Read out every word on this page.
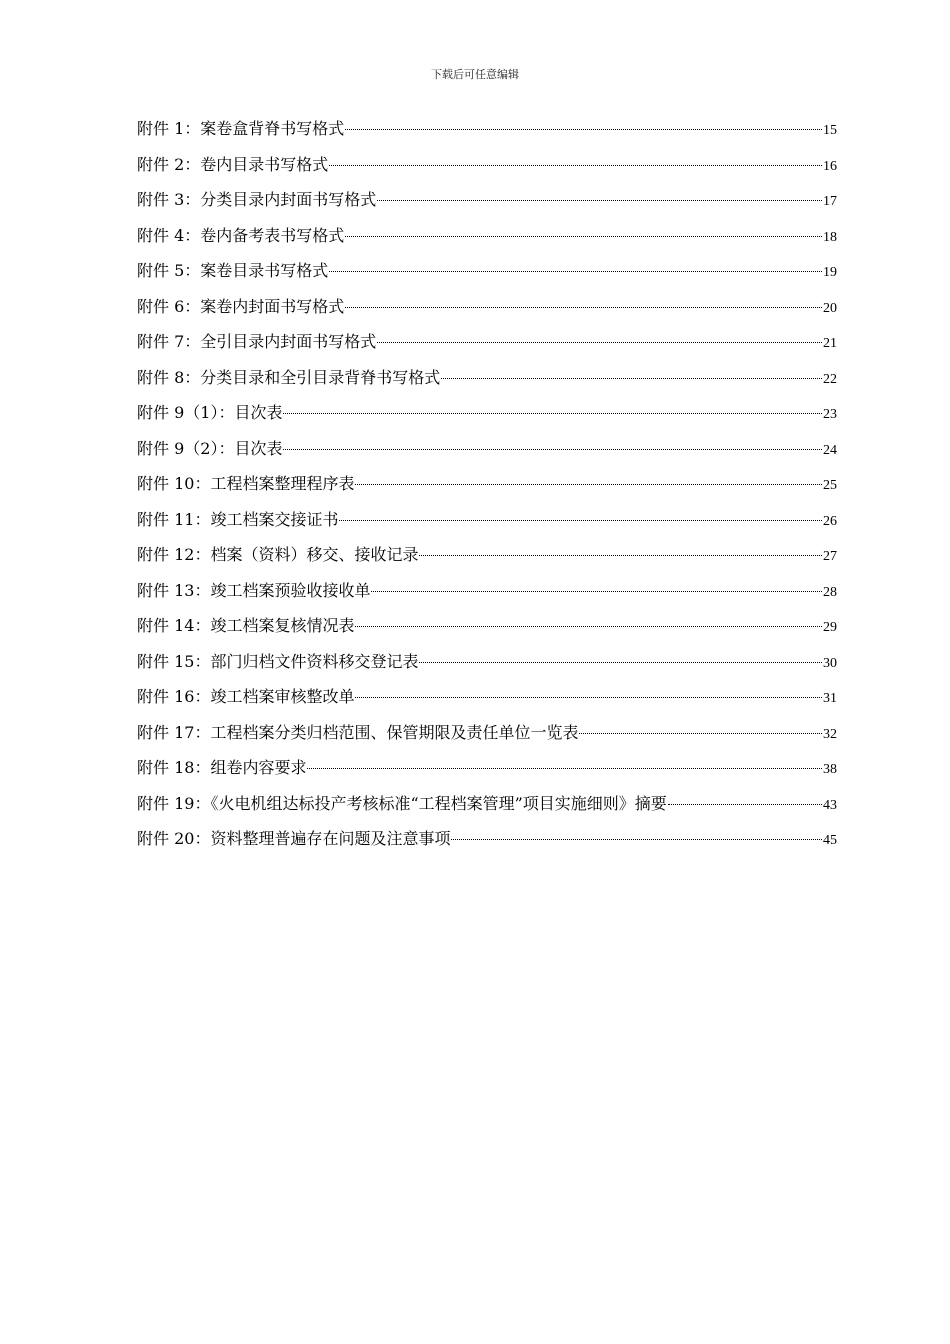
下载后可任意编辑
附件 1：案卷盒背脊书写格式	15
附件 2：卷内目录书写格式	16
附件 3：分类目录内封面书写格式	17
附件 4：卷内备考表书写格式	18
附件 5：案卷目录书写格式	19
附件 6：案卷内封面书写格式	20
附件 7：全引目录内封面书写格式	21
附件 8：分类目录和全引目录背脊书写格式	22
附件 9（1）：目次表	23
附件 9（2）：目次表	24
附件 10：工程档案整理程序表	25
附件 11：竣工档案交接证书	26
附件 12：档案（资料）移交、接收记录	27
附件 13：竣工档案预验收接收单	28
附件 14：竣工档案复核情况表	29
附件 15：部门归档文件资料移交登记表	30
附件 16：竣工档案审核整改单	31
附件 17：工程档案分类归档范围、保管期限及责任单位一览表	32
附件 18：组卷内容要求	38
附件 19：《火电机组达标投产考核标准“工程档案管理”项目实施细则》摘要	43
附件 20：资料整理普遍存在问题及注意事项	45
